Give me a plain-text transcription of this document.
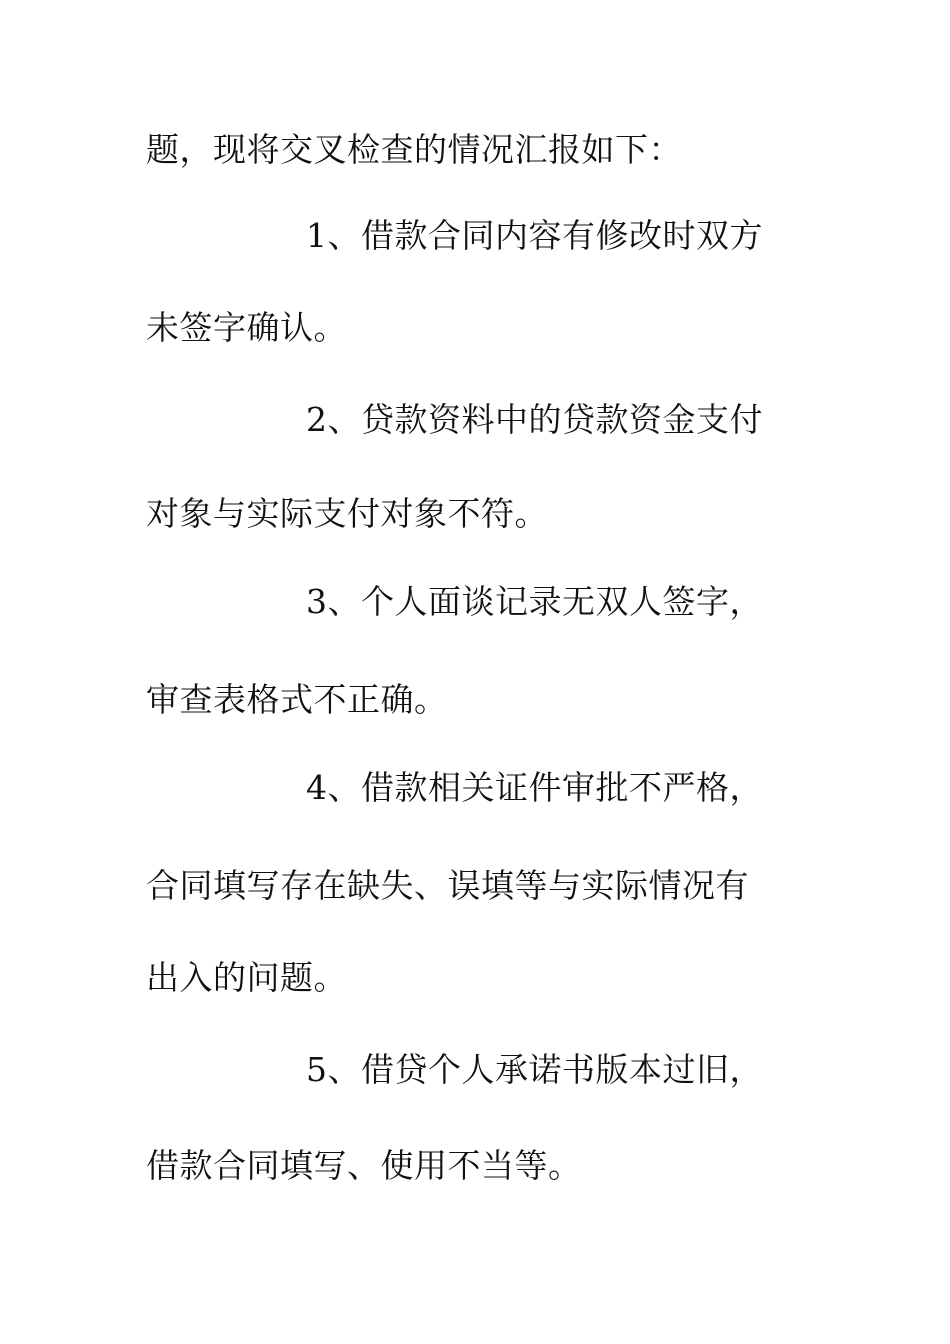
题，现将交叉检查的情况汇报如下：
1、借款合同内容有修改时双方
未签字确认。
2、贷款资料中的贷款资金支付
对象与实际支付对象不符。
3、个人面谈记录无双人签字，
审查表格式不正确。
4、借款相关证件审批不严格，
合同填写存在缺失、误填等与实际情况有
出入的问题。
5、借贷个人承诺书版本过旧，
借款合同填写、使用不当等。
